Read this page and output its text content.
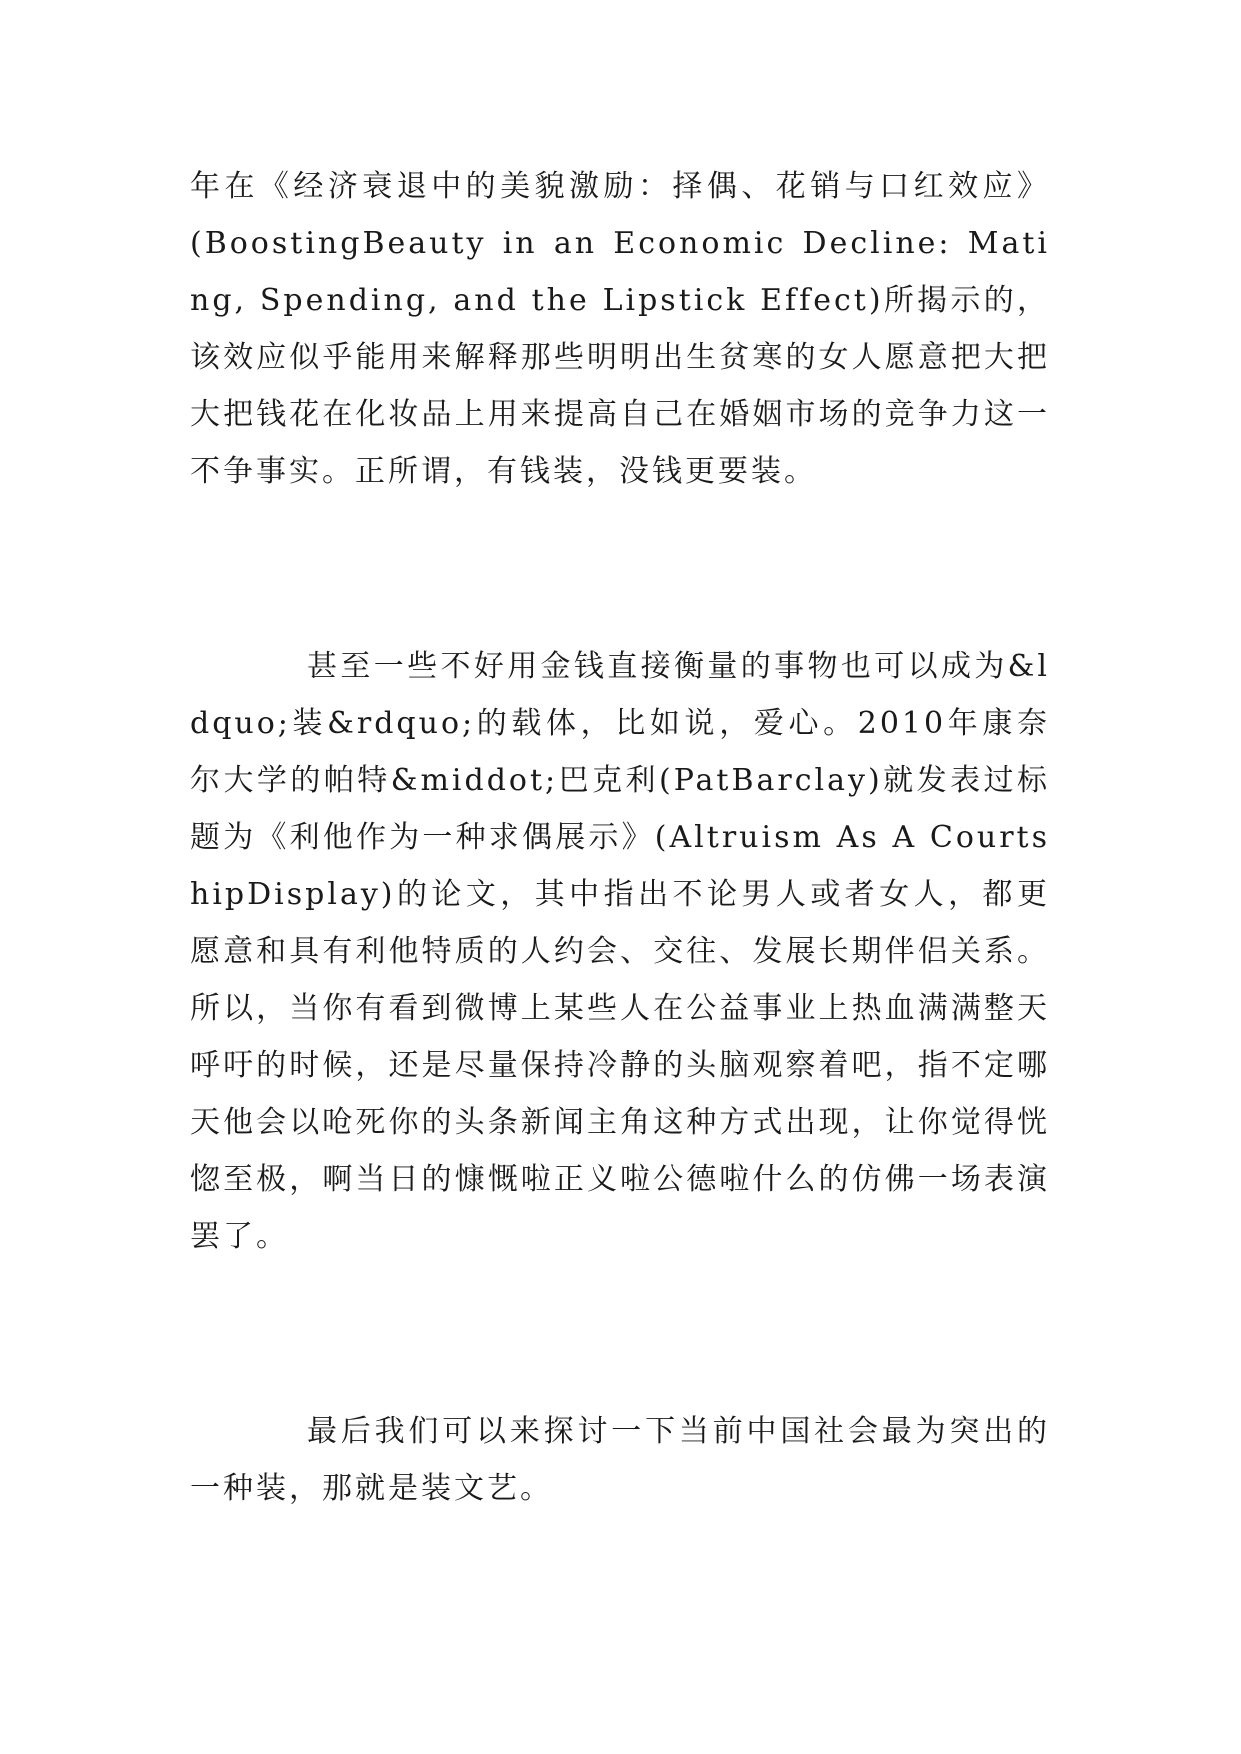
年在《经济衰退中的美貌激励：择偶、花销与口红效应》(BoostingBeauty in an Economic Decline: Mating, Spending, and the Lipstick Effect)所揭示的，该效应似乎能用来解释那些明明出生贫寒的女人愿意把大把大把钱花在化妆品上用来提高自己在婚姻市场的竞争力这一不争事实。正所谓，有钱装，没钱更要装。

甚至一些不好用金钱直接衡量的事物也可以成为&ldquo;装&rdquo;的载体，比如说，爱心。2010年康奈尔大学的帕特&middot;巴克利(PatBarclay)就发表过标题为《利他作为一种求偶展示》(Altruism As A CourtshipDisplay)的论文，其中指出不论男人或者女人，都更愿意和具有利他特质的人约会、交往、发展长期伴侣关系。所以，当你有看到微博上某些人在公益事业上热血满满整天呼吁的时候，还是尽量保持冷静的头脑观察着吧，指不定哪天他会以呛死你的头条新闻主角这种方式出现，让你觉得恍惚至极，啊当日的慷慨啦正义啦公德啦什么的仿佛一场表演罢了。

最后我们可以来探讨一下当前中国社会最为突出的一种装，那就是装文艺。
